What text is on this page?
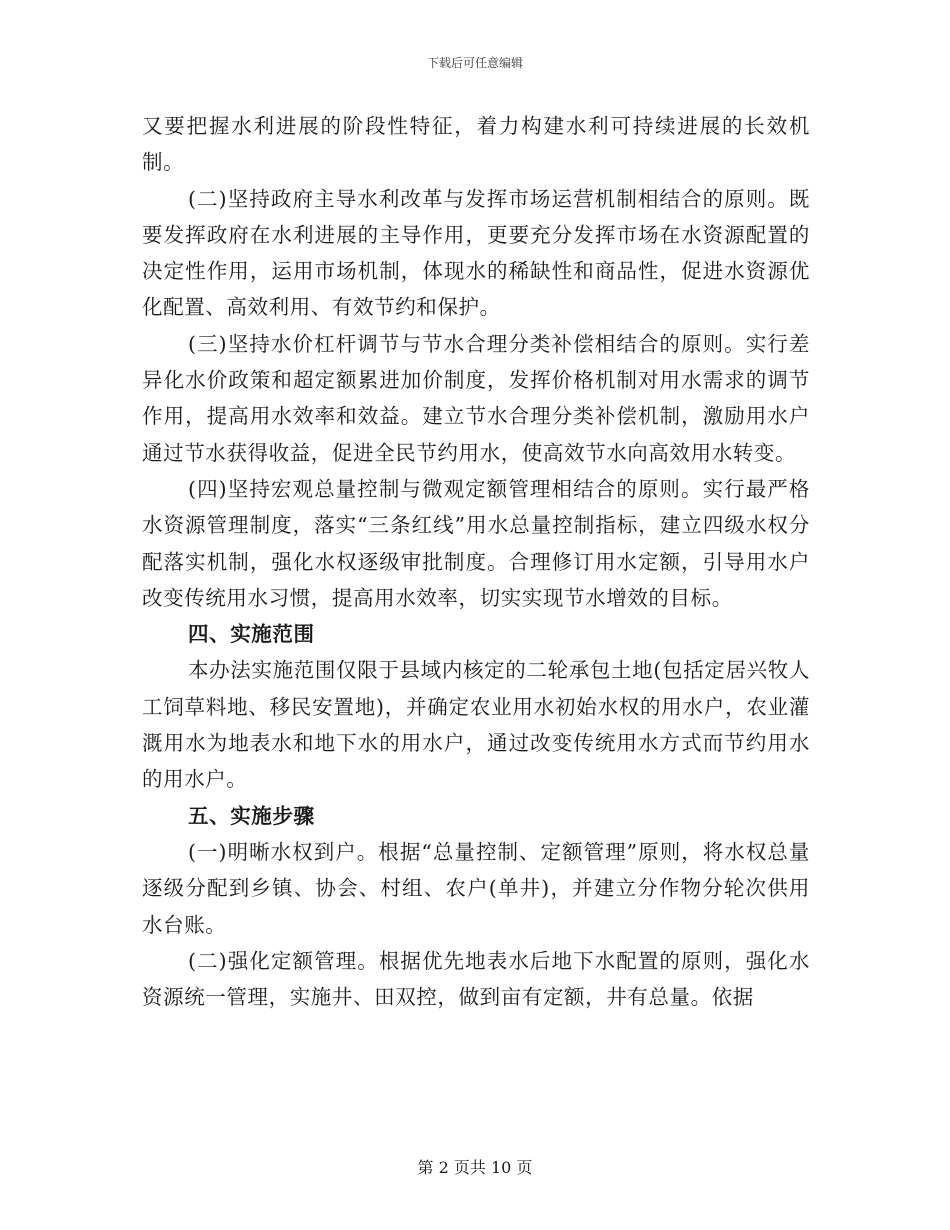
下载后可任意编辑

又要把握水利进展的阶段性特征，着力构建水利可持续进展的长效机制。

(二)坚持政府主导水利改革与发挥市场运营机制相结合的原则。既要发挥政府在水利进展的主导作用，更要充分发挥市场在水资源配置的决定性作用，运用市场机制，体现水的稀缺性和商品性，促进水资源优化配置、高效利用、有效节约和保护。

(三)坚持水价杠杆调节与节水合理分类补偿相结合的原则。实行差异化水价政策和超定额累进加价制度，发挥价格机制对用水需求的调节作用，提高用水效率和效益。建立节水合理分类补偿机制，激励用水户通过节水获得收益，促进全民节约用水，使高效节水向高效用水转变。

(四)坚持宏观总量控制与微观定额管理相结合的原则。实行最严格水资源管理制度，落实“三条红线”用水总量控制指标，建立四级水权分配落实机制，强化水权逐级审批制度。合理修订用水定额，引导用水户改变传统用水习惯，提高用水效率，切实实现节水增效的目标。

四、实施范围

本办法实施范围仅限于县域内核定的二轮承包土地(包括定居兴牧人工饲草料地、移民安置地)，并确定农业用水初始水权的用水户，农业灌溉用水为地表水和地下水的用水户，通过改变传统用水方式而节约用水的用水户。

五、实施步骤

(一)明晰水权到户。根据“总量控制、定额管理”原则，将水权总量逐级分配到乡镇、协会、村组、农户(单井)，并建立分作物分轮次供用水台账。

(二)强化定额管理。根据优先地表水后地下水配置的原则，强化水资源统一管理，实施井、田双控，做到亩有定额，井有总量。依据

第 2 页共 10 页
